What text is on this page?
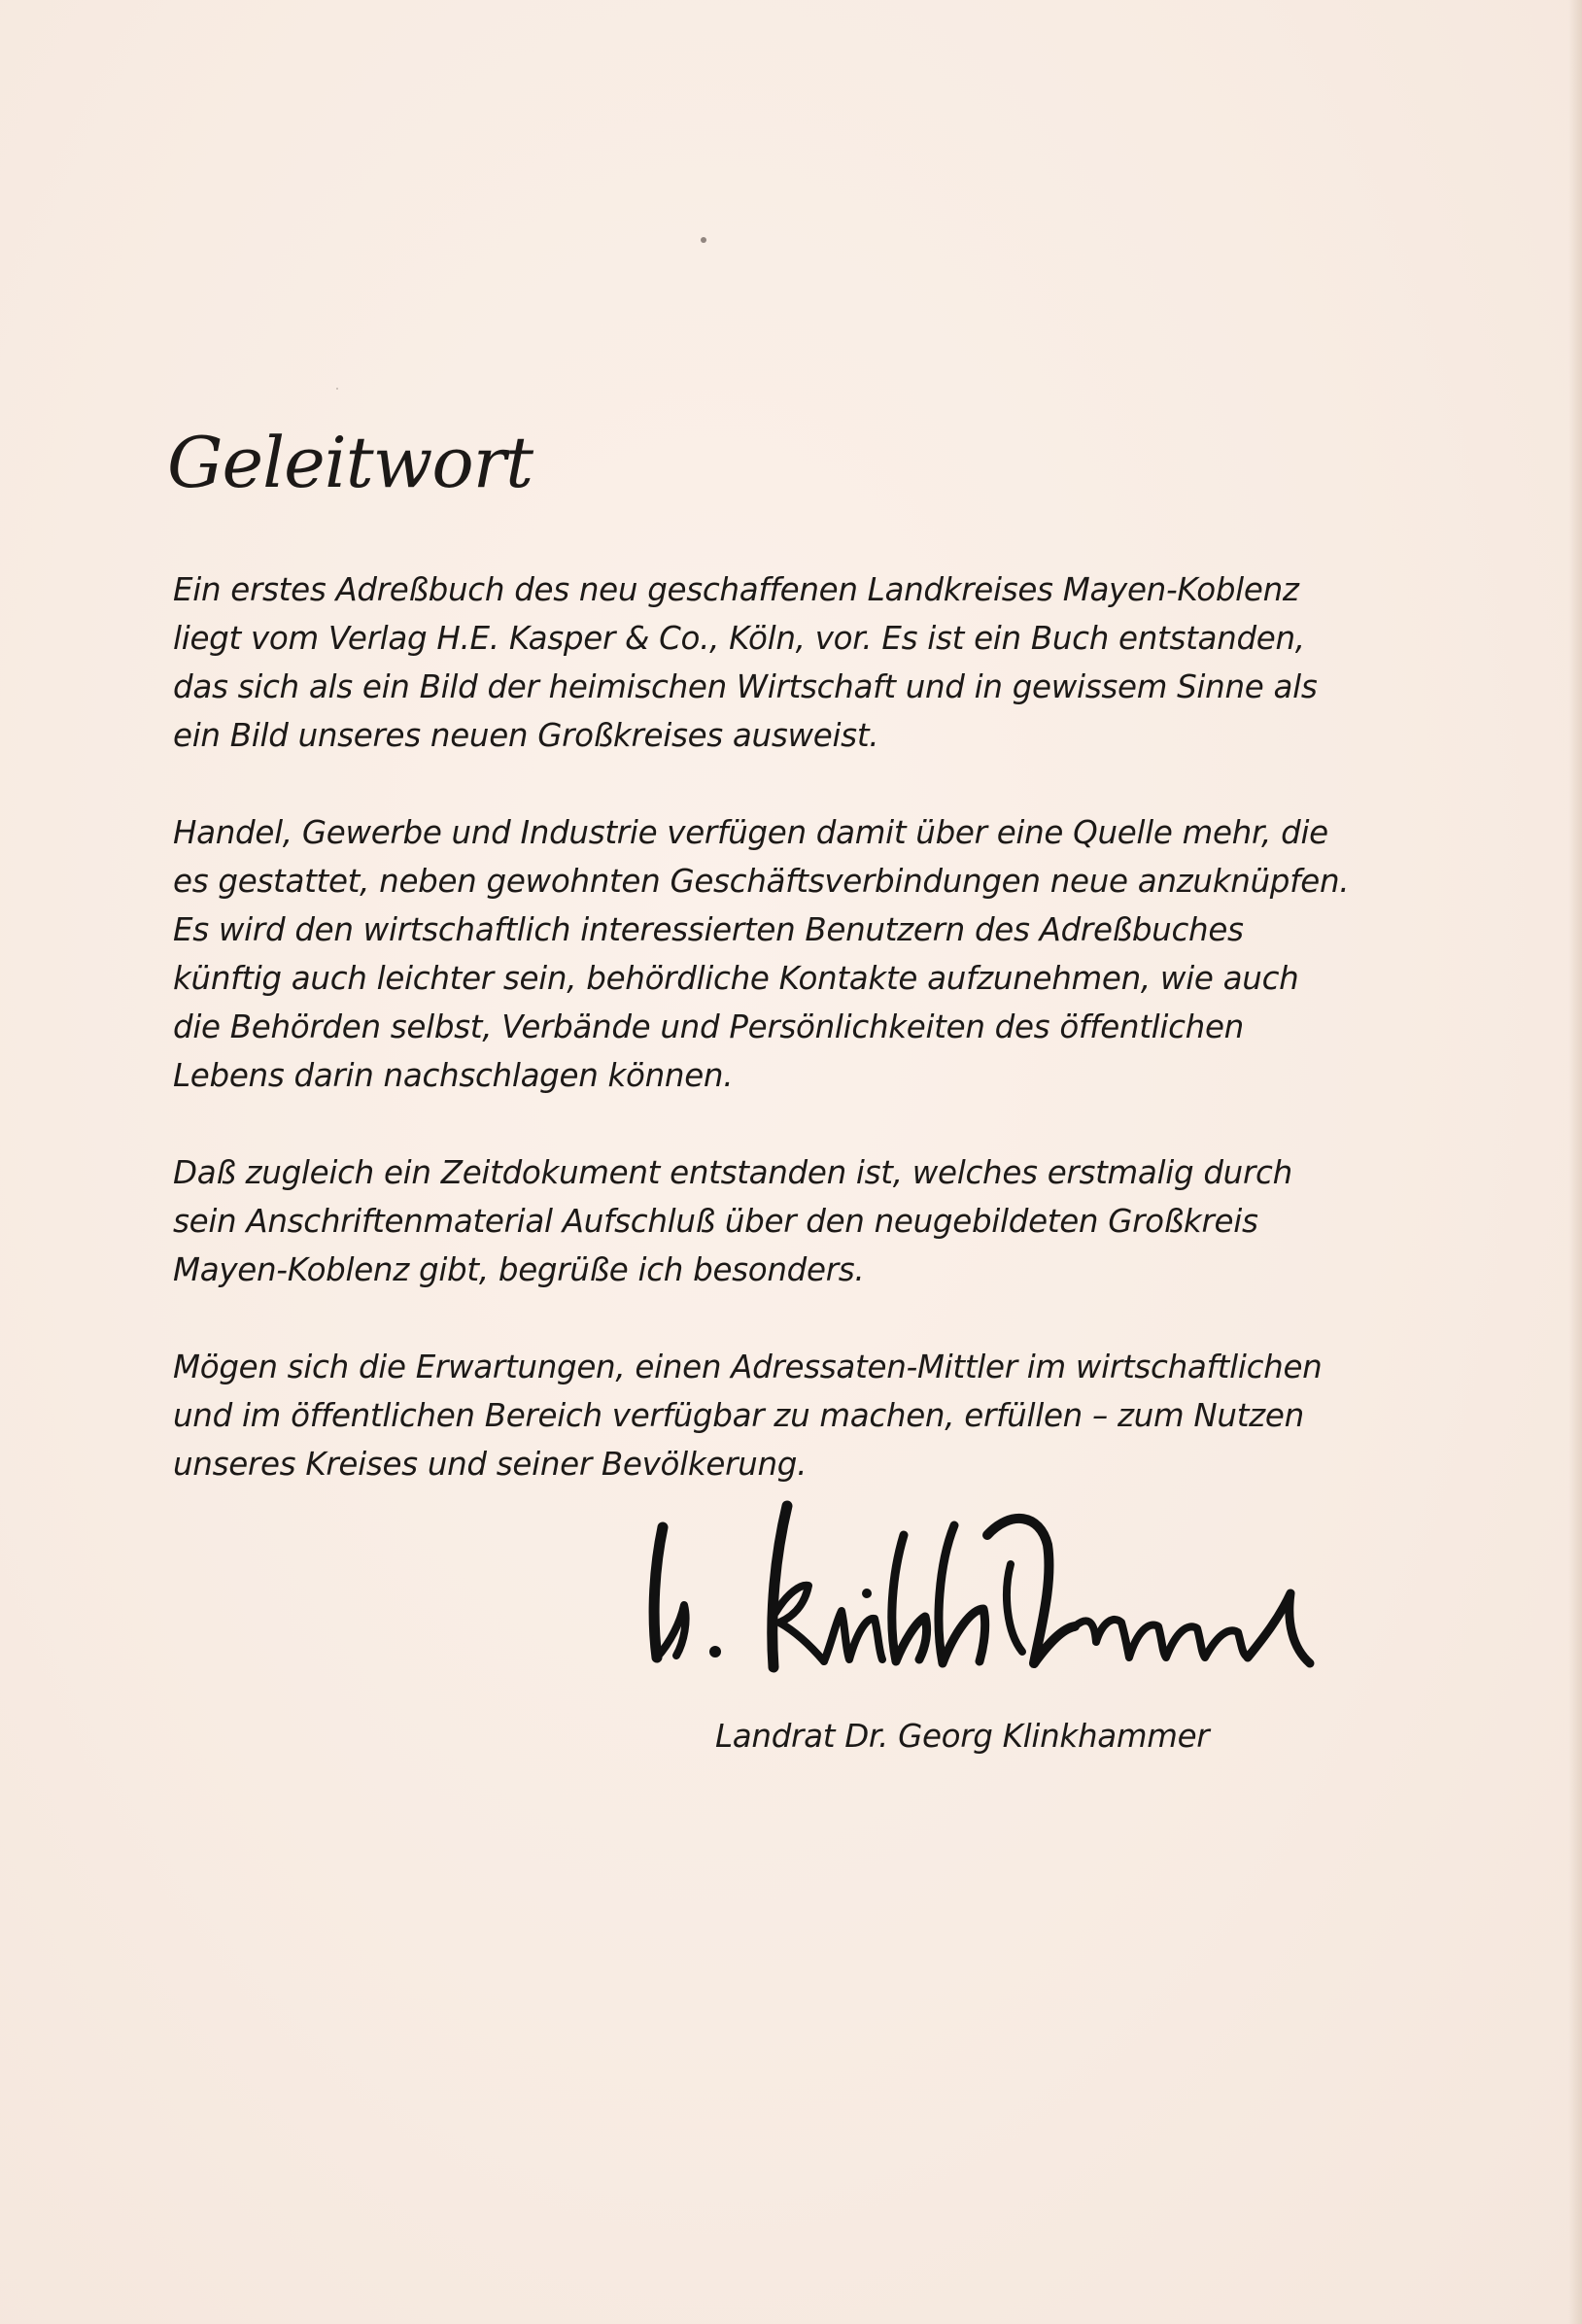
Geleitwort

Ein erstes Adreßbuch des neu geschaffenen Landkreises Mayen-Koblenz
liegt vom Verlag H.E. Kasper & Co., Köln, vor. Es ist ein Buch entstanden,
das sich als ein Bild der heimischen Wirtschaft und in gewissem Sinne als
ein Bild unseres neuen Großkreises ausweist.

Handel, Gewerbe und Industrie verfügen damit über eine Quelle mehr, die
es gestattet, neben gewohnten Geschäftsverbindungen neue anzuknüpfen.
Es wird den wirtschaftlich interessierten Benutzern des Adreßbuches
künftig auch leichter sein, behördliche Kontakte aufzunehmen, wie auch
die Behörden selbst, Verbände und Persönlichkeiten des öffentlichen
Lebens darin nachschlagen können.

Daß zugleich ein Zeitdokument entstanden ist, welches erstmalig durch
sein Anschriftenmaterial Aufschluß über den neugebildeten Großkreis
Mayen-Koblenz gibt, begrüße ich besonders.

Mögen sich die Erwartungen, einen Adressaten-Mittler im wirtschaftlichen
und im öffentlichen Bereich verfügbar zu machen, erfüllen – zum Nutzen
unseres Kreises und seiner Bevölkerung.

Landrat Dr. Georg Klinkhammer
